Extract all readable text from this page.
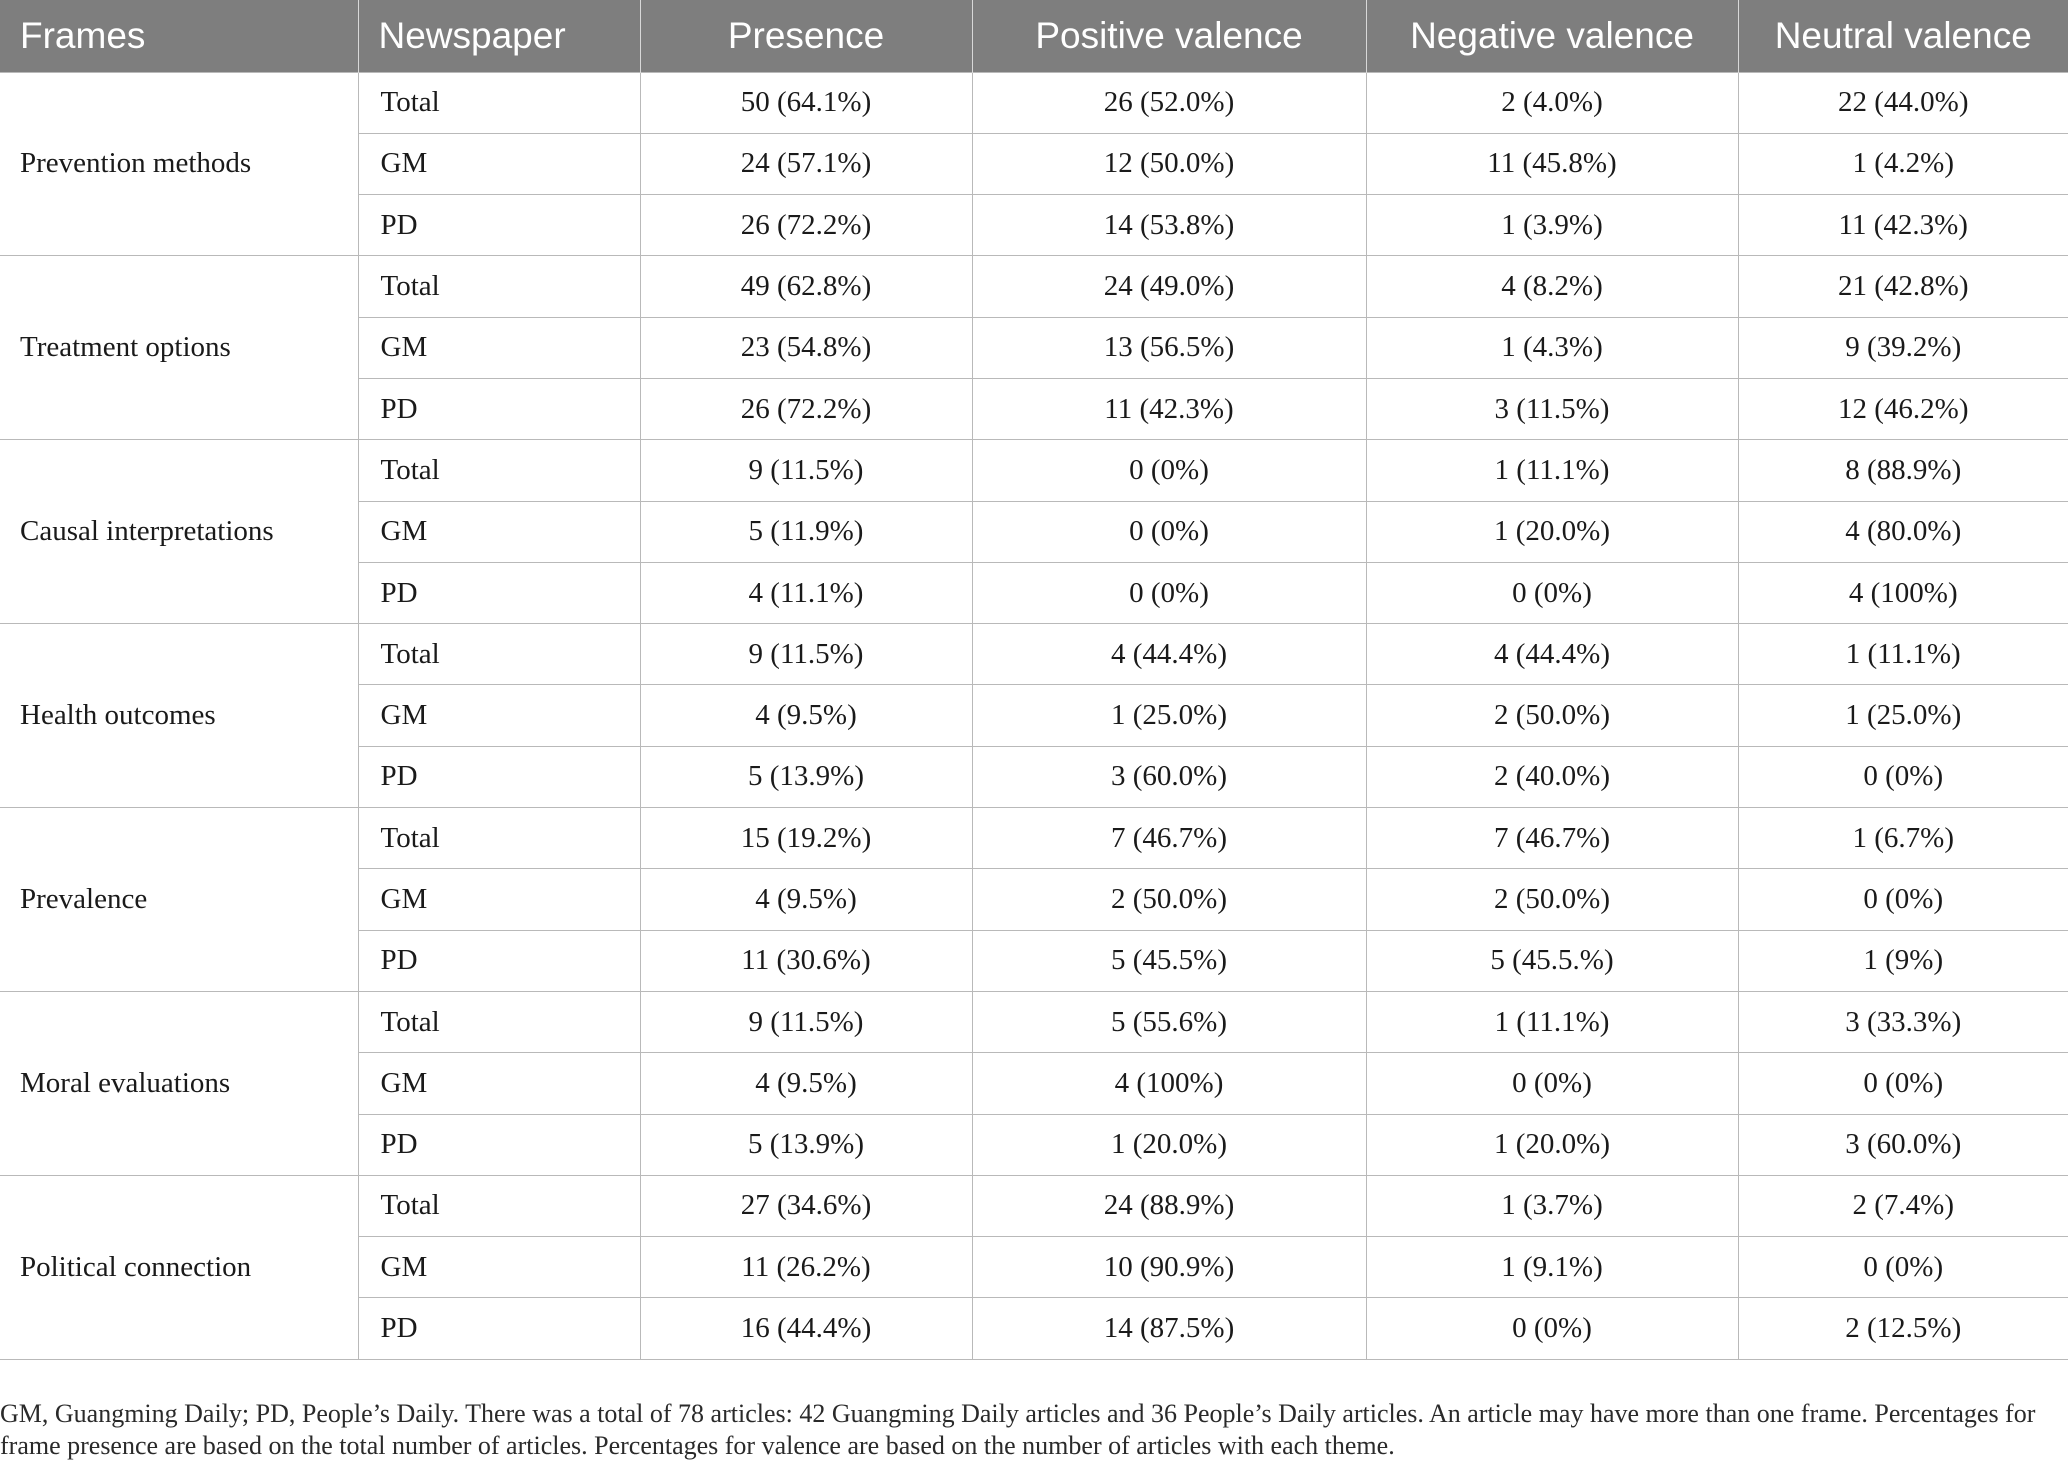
Frames	Newspaper	Presence	Positive valence	Negative valence	Neutral valence
Prevention methods	Total	50 (64.1%)	26 (52.0%)	2 (4.0%)	22 (44.0%)
	GM	24 (57.1%)	12 (50.0%)	11 (45.8%)	1 (4.2%)
	PD	26 (72.2%)	14 (53.8%)	1 (3.9%)	11 (42.3%)
Treatment options	Total	49 (62.8%)	24 (49.0%)	4 (8.2%)	21 (42.8%)
	GM	23 (54.8%)	13 (56.5%)	1 (4.3%)	9 (39.2%)
	PD	26 (72.2%)	11 (42.3%)	3 (11.5%)	12 (46.2%)
Causal interpretations	Total	9 (11.5%)	0 (0%)	1 (11.1%)	8 (88.9%)
	GM	5 (11.9%)	0 (0%)	1 (20.0%)	4 (80.0%)
	PD	4 (11.1%)	0 (0%)	0 (0%)	4 (100%)
Health outcomes	Total	9 (11.5%)	4 (44.4%)	4 (44.4%)	1 (11.1%)
	GM	4 (9.5%)	1 (25.0%)	2 (50.0%)	1 (25.0%)
	PD	5 (13.9%)	3 (60.0%)	2 (40.0%)	0 (0%)
Prevalence	Total	15 (19.2%)	7 (46.7%)	7 (46.7%)	1 (6.7%)
	GM	4 (9.5%)	2 (50.0%)	2 (50.0%)	0 (0%)
	PD	11 (30.6%)	5 (45.5%)	5 (45.5.%)	1 (9%)
Moral evaluations	Total	9 (11.5%)	5 (55.6%)	1 (11.1%)	3 (33.3%)
	GM	4 (9.5%)	4 (100%)	0 (0%)	0 (0%)
	PD	5 (13.9%)	1 (20.0%)	1 (20.0%)	3 (60.0%)
Political connection	Total	27 (34.6%)	24 (88.9%)	1 (3.7%)	2 (7.4%)
	GM	11 (26.2%)	10 (90.9%)	1 (9.1%)	0 (0%)
	PD	16 (44.4%)	14 (87.5%)	0 (0%)	2 (12.5%)

GM, Guangming Daily; PD, People’s Daily. There was a total of 78 articles: 42 Guangming Daily articles and 36 People’s Daily articles. An article may have more than one frame. Percentages for frame presence are based on the total number of articles. Percentages for valence are based on the number of articles with each theme.
